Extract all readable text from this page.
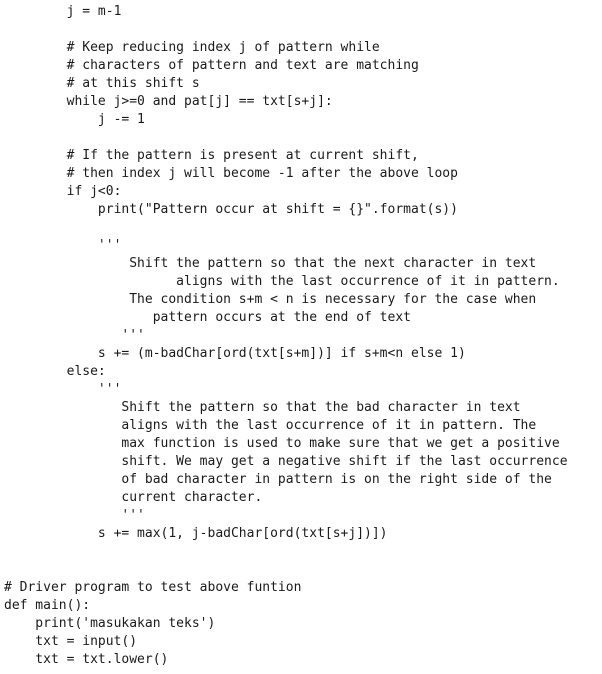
j = m-1
# Keep reducing index j of pattern while
# characters of pattern and text are matching
# at this shift s
while j>=0 and pat[j] == txt[s+j]:
j -= 1
# If the pattern is present at current shift,
# then index j will become -1 after the above loop
if j<0:
print("Pattern occur at shift = {}".format(s))
'''
Shift the pattern so that the next character in text
aligns with the last occurrence of it in pattern.
The condition s+m < n is necessary for the case when
pattern occurs at the end of text
'''
s += (m-badChar[ord(txt[s+m])] if s+m<n else 1)
else:
'''
Shift the pattern so that the bad character in text
aligns with the last occurrence of it in pattern. The
max function is used to make sure that we get a positive
shift. We may get a negative shift if the last occurrence
of bad character in pattern is on the right side of the
current character.
'''
s += max(1, j-badChar[ord(txt[s+j])])
# Driver program to test above funtion
def main():
print('masukakan teks')
txt = input()
txt = txt.lower()
